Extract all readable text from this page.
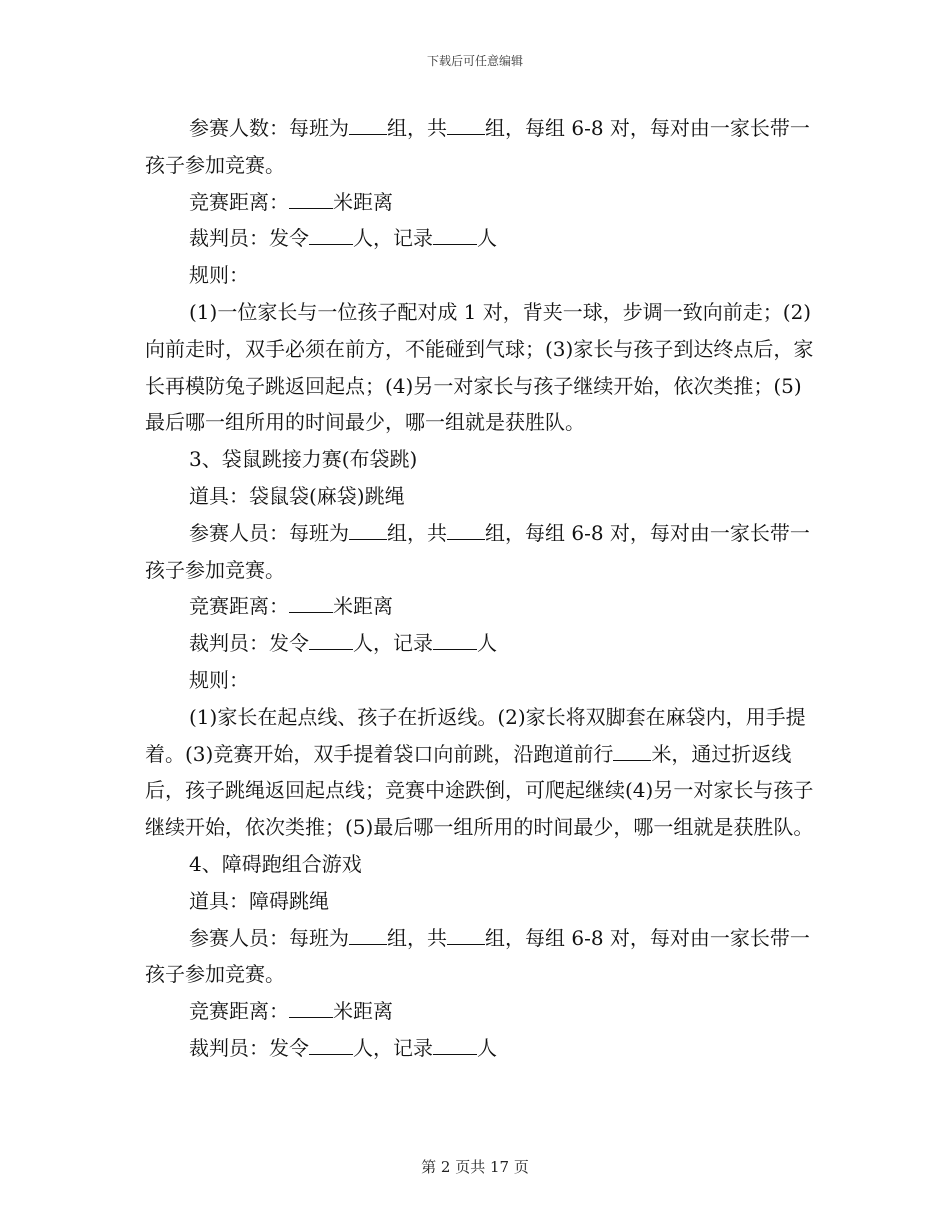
下载后可任意编辑

参赛人数：每班为 组，共 组，每组 6-8 对，每对由一家长带一孩子参加竞赛。

竞赛距离： 米距离

裁判员：发令 人，记录 人

规则：

(1)一位家长与一位孩子配对成 1 对，背夹一球，步调一致向前走；(2)向前走时，双手必须在前方，不能碰到气球；(3)家长与孩子到达终点后，家长再模防兔子跳返回起点；(4)另一对家长与孩子继续开始，依次类推；(5)最后哪一组所用的时间最少，哪一组就是获胜队。

3、袋鼠跳接力赛(布袋跳)

道具：袋鼠袋(麻袋)跳绳

参赛人员：每班为 组，共 组，每组 6-8 对，每对由一家长带一孩子参加竞赛。

竞赛距离： 米距离

裁判员：发令 人，记录 人

规则：

(1)家长在起点线、孩子在折返线。(2)家长将双脚套在麻袋内，用手提着。(3)竞赛开始，双手提着袋口向前跳，沿跑道前行 米，通过折返线后，孩子跳绳返回起点线；竞赛中途跌倒，可爬起继续(4)另一对家长与孩子继续开始，依次类推；(5)最后哪一组所用的时间最少，哪一组就是获胜队。

4、障碍跑组合游戏

道具：障碍跳绳

参赛人员：每班为 组，共 组，每组 6-8 对，每对由一家长带一孩子参加竞赛。

竞赛距离： 米距离

裁判员：发令 人，记录 人

第 2 页共 17 页
